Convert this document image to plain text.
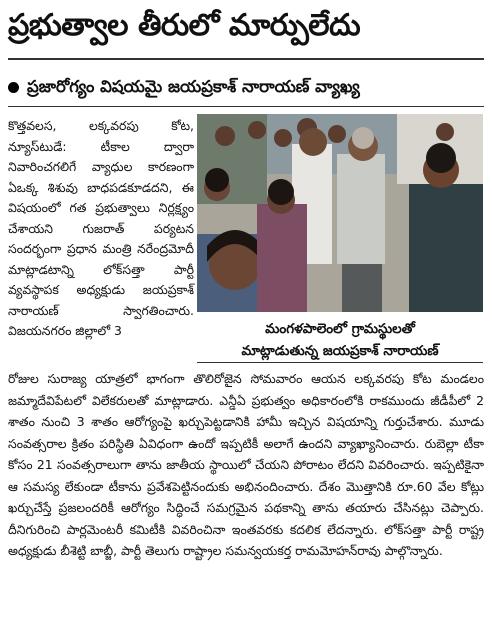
ప్రభుత్వాల తీరులో మార్పులేదు
ప్రజారోగ్యం విషయమై జయప్రకాశ్ నారాయణ్ వ్యాఖ్య

కొత్తవలస, లక్కవరపు కోట, న్యూస్‌టుడే: టీకాల ద్వారా నివారించగలిగే వ్యాధుల కారణంగా ఏఒక్క శిశువు బాధపడకూడదని, ఈ విషయంలో గత ప్రభుత్వాలు నిర్లక్ష్యం చేశాయని గుజరాత్ పర్యటన సందర్భంగా ప్రధాన మంత్రి నరేంద్రమోదీ మాట్లాడటాన్ని లోక్‌సత్తా పార్టీ వ్యవస్థాపక అధ్యక్షుడు జయప్రకాశ్ నారాయణ్ స్వాగతించారు. విజయనగరం జిల్లాలో 3	మంగళపాలెంలో గ్రామస్థులతో
మాట్లాడుతున్న జయప్రకాశ్ నారాయణ్

రోజుల సురాజ్య యాత్రలో భాగంగా తొలిరోజైన సోమవారం ఆయన లక్కవరపు కోట మండలం జమ్మాదేవిపేటలో విలేకరులతో మాట్లాడారు. ఎన్డీఏ ప్రభుత్వం అధికారంలోకి రాకముందు జీడీపీలో 2 శాతం నుంచి 3 శాతం ఆరోగ్యంపై ఖర్చుపెట్టడానికి హామీ ఇచ్చిన విషయాన్ని గుర్తుచేశారు. మూడు సంవత్సరాల క్రితం పరిస్థితి ఏవిధంగా ఉందో ఇప్పటికీ అలాగే ఉందని వ్యాఖ్యానించారు. రుబెల్లా టీకా కోసం 21 సంవత్సరాలుగా తాను జాతీయ స్థాయిలో చేయని పోరాటం లేదని వివరించారు. ఇప్పటికైనా ఆ సమస్య లేకుండా టీకాను ప్రవేశపెట్టినందుకు అభినందించారు. దేశం మొత్తానికి రూ.60 వేల కోట్లు ఖర్చుచేస్తే ప్రజలందరికీ ఆరోగ్యం సిద్ధించే సమగ్రమైన పథకాన్ని తాను తయారు చేసినట్లు చెప్పారు. దీనిగురించి పార్లమెంటరీ కమిటీకి వివరించినా ఇంతవరకు కదలిక లేదన్నారు. లోక్‌సత్తా పార్టీ రాష్ట్ర అధ్యక్షుడు బీశెట్టి బాబ్జీ, పార్టీ తెలుగు రాష్ట్రాల సమన్వయకర్త రామమోహన్‌రావు పాల్గొన్నారు.
